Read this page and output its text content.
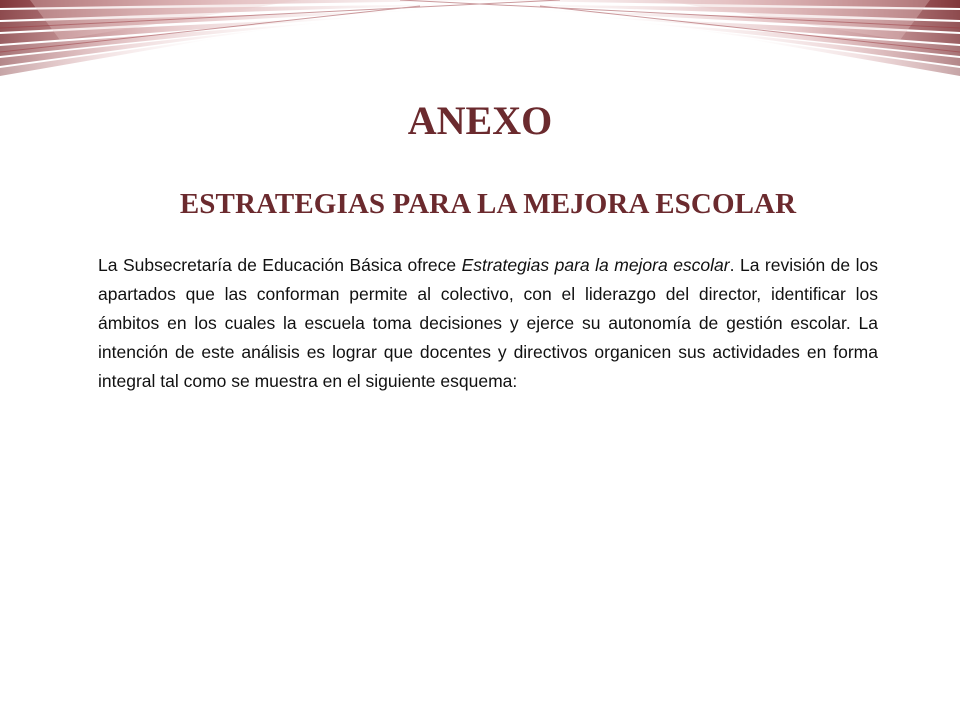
ANEXO
ESTRATEGIAS PARA LA MEJORA ESCOLAR

La Subsecretaría de Educación Básica ofrece Estrategias para la mejora escolar. La revisión de los apartados que las conforman permite al colectivo, con el liderazgo del director, identificar los ámbitos en los cuales la escuela toma decisiones y ejerce su autonomía de gestión escolar. La intención de este análisis es lograr que docentes y directivos organicen sus actividades en forma integral tal como se muestra en el siguiente esquema:
